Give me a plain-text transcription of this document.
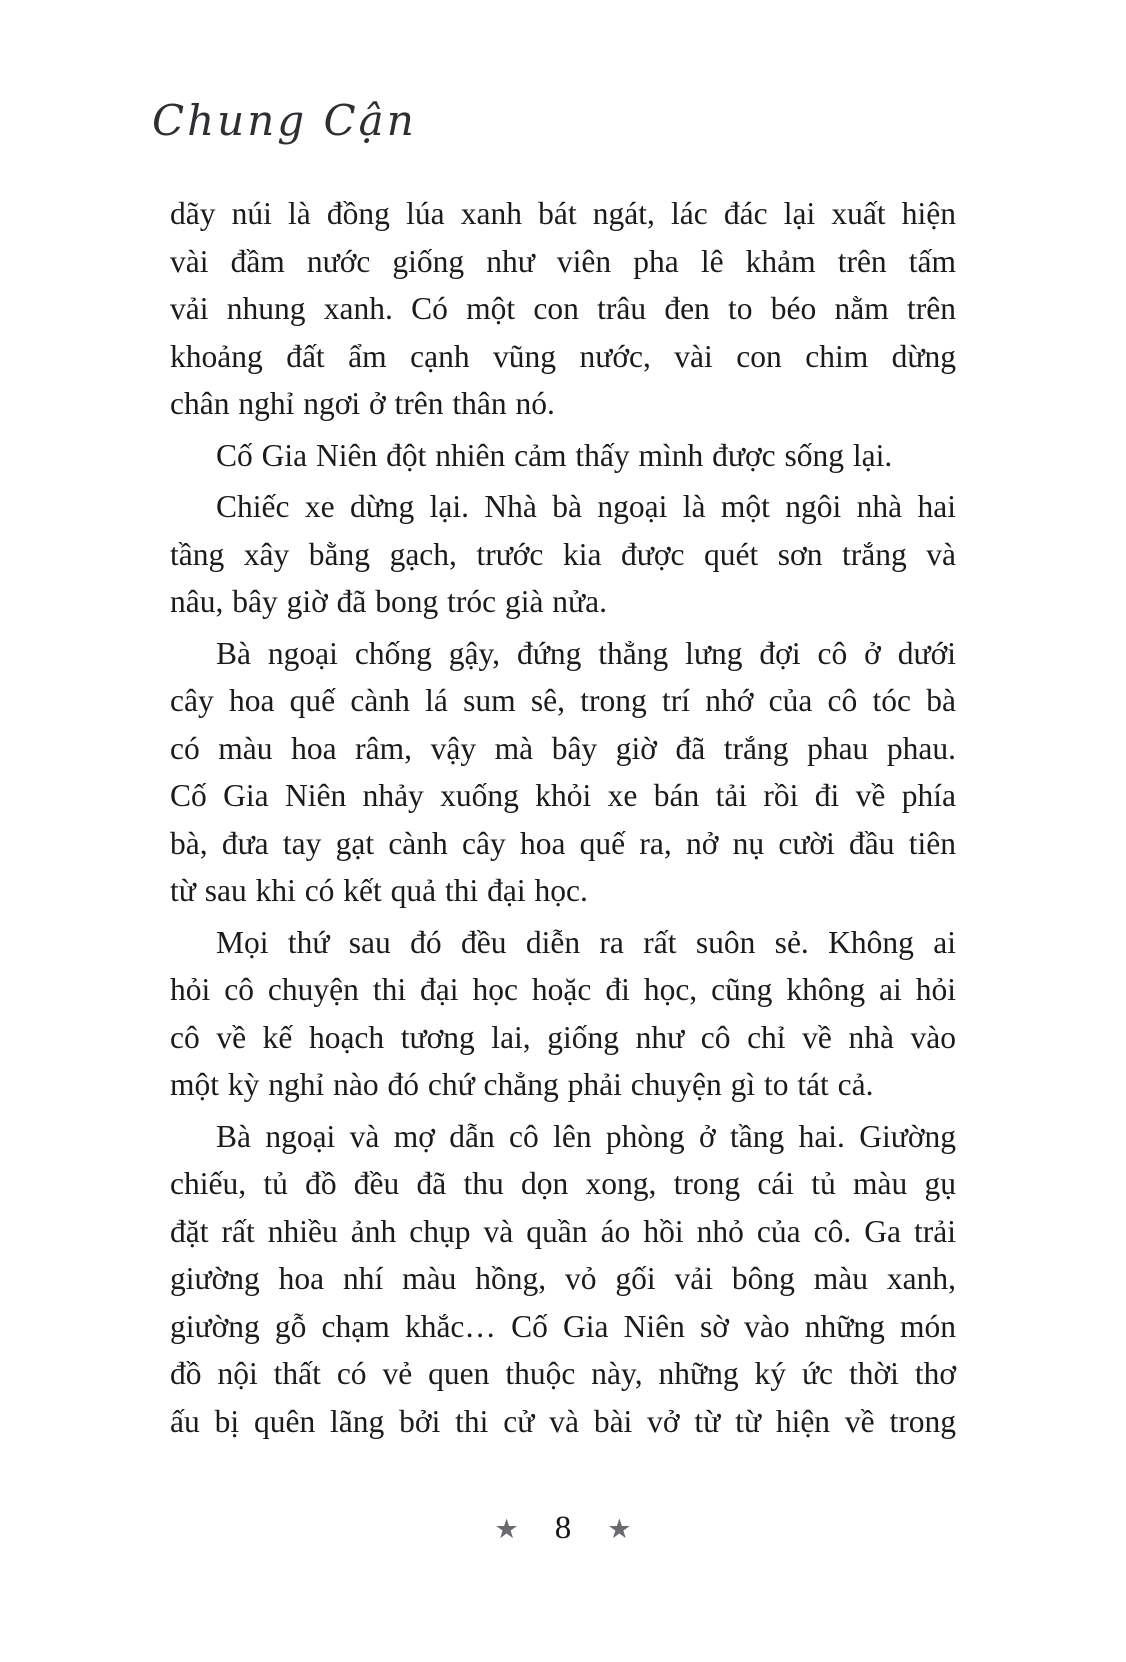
Chung Cận
dãy núi là đồng lúa xanh bát ngát, lác đác lại xuất hiện
vài đầm nước giống như viên pha lê khảm trên tấm
vải nhung xanh. Có một con trâu đen to béo nằm trên
khoảng đất ẩm cạnh vũng nước, vài con chim dừng
chân nghỉ ngơi ở trên thân nó.
Cố Gia Niên đột nhiên cảm thấy mình được sống lại.
Chiếc xe dừng lại. Nhà bà ngoại là một ngôi nhà hai
tầng xây bằng gạch, trước kia được quét sơn trắng và
nâu, bây giờ đã bong tróc già nửa.
Bà ngoại chống gậy, đứng thẳng lưng đợi cô ở dưới
cây hoa quế cành lá sum sê, trong trí nhớ của cô tóc bà
có màu hoa râm, vậy mà bây giờ đã trắng phau phau.
Cố Gia Niên nhảy xuống khỏi xe bán tải rồi đi về phía
bà, đưa tay gạt cành cây hoa quế ra, nở nụ cười đầu tiên
từ sau khi có kết quả thi đại học.
Mọi thứ sau đó đều diễn ra rất suôn sẻ. Không ai
hỏi cô chuyện thi đại học hoặc đi học, cũng không ai hỏi
cô về kế hoạch tương lai, giống như cô chỉ về nhà vào
một kỳ nghỉ nào đó chứ chẳng phải chuyện gì to tát cả.
Bà ngoại và mợ dẫn cô lên phòng ở tầng hai. Giường
chiếu, tủ đồ đều đã thu dọn xong, trong cái tủ màu gụ
đặt rất nhiều ảnh chụp và quần áo hồi nhỏ của cô. Ga trải
giường hoa nhí màu hồng, vỏ gối vải bông màu xanh,
giường gỗ chạm khắc… Cố Gia Niên sờ vào những món
đồ nội thất có vẻ quen thuộc này, những ký ức thời thơ
ấu bị quên lãng bởi thi cử và bài vở từ từ hiện về trong
★ 8 ★
